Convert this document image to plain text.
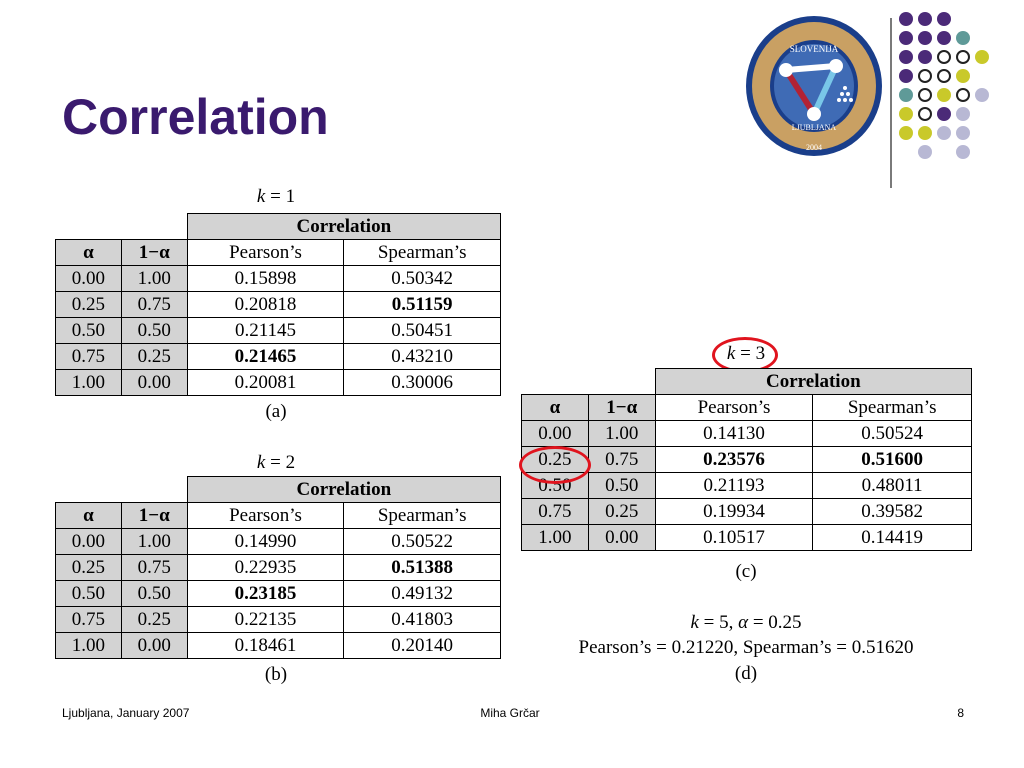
Correlation
SLOVENIJA
LJUBLJANA
2004
k = 1
		Correlation	
α	1−α	Pearson’s	Spearman’s
0.00	1.00	0.15898	0.50342
0.25	0.75	0.20818	0.51159
0.50	0.50	0.21145	0.50451
0.75	0.25	0.21465	0.43210
1.00	0.00	0.20081	0.30006
(a)
k = 2
		Correlation	
α	1−α	Pearson’s	Spearman’s
0.00	1.00	0.14990	0.50522
0.25	0.75	0.22935	0.51388
0.50	0.50	0.23185	0.49132
0.75	0.25	0.22135	0.41803
1.00	0.00	0.18461	0.20140
(b)
k = 3
		Correlation	
α	1−α	Pearson’s	Spearman’s
0.00	1.00	0.14130	0.50524
0.25	0.75	0.23576	0.51600
0.50	0.50	0.21193	0.48011
0.75	0.25	0.19934	0.39582
1.00	0.00	0.10517	0.14419
(c)
k = 5, α = 0.25
Pearson’s = 0.21220, Spearman’s = 0.51620
(d)
Ljubljana, January 2007	Miha Grčar	8
